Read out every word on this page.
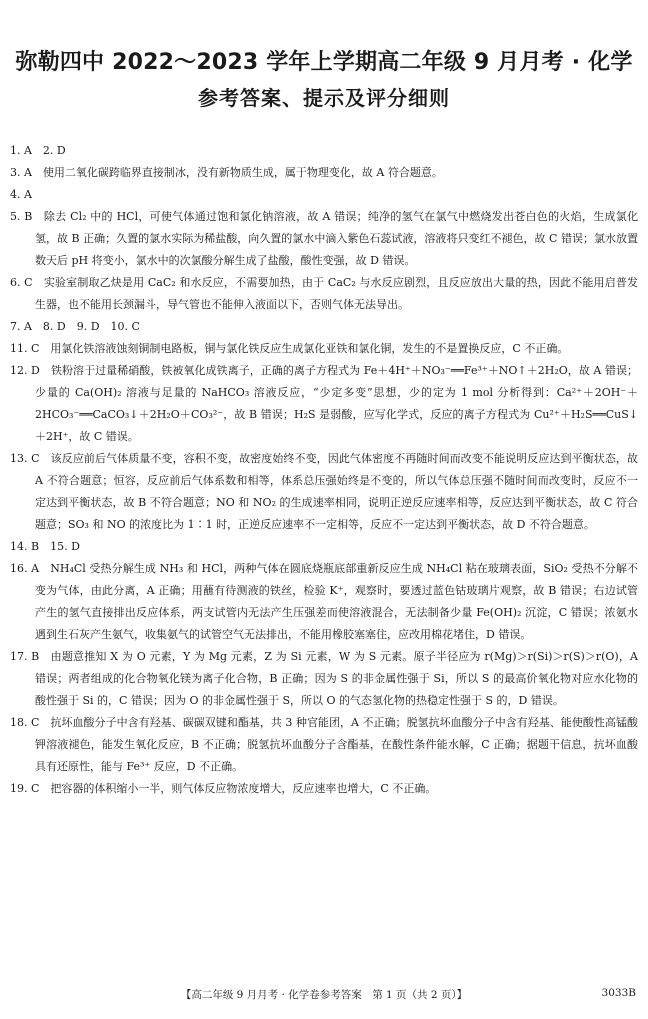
弥勒四中 2022～2023 学年上学期高二年级 9 月月考 · 化学
参考答案、提示及评分细则

1. A　2. D

3. A　使用二氧化碳跨临界直接制冰，没有新物质生成，属于物理变化，故 A 符合题意。

4. A

5. B　除去 Cl₂ 中的 HCl，可使气体通过饱和氯化钠溶液，故 A 错误；纯净的氢气在氯气中燃烧发出苍白色的火焰，生成氯化氢，故 B 正确；久置的氯水实际为稀盐酸，向久置的氯水中滴入紫色石蕊试液，溶液将只变红不褪色，故 C 错误；氯水放置数天后 pH 将变小，氯水中的次氯酸分解生成了盐酸，酸性变强，故 D 错误。

6. C　实验室制取乙炔是用 CaC₂ 和水反应，不需要加热，由于 CaC₂ 与水反应剧烈，且反应放出大量的热，因此不能用启普发生器，也不能用长颈漏斗，导气管也不能伸入液面以下，否则气体无法导出。

7. A　8. D　9. D　10. C

11. C　用氯化铁溶液蚀刻铜制电路板，铜与氯化铁反应生成氯化亚铁和氯化铜，发生的不是置换反应，C 不正确。

12. D　铁粉溶于过量稀硝酸，铁被氧化成铁离子，正确的离子方程式为 Fe＋4H⁺＋NO₃⁻══Fe³⁺＋NO↑＋2H₂O，故 A 错误；少量的 Ca(OH)₂ 溶液与足量的 NaHCO₃ 溶液反应，“少定多变”思想，少的定为 1 mol 分析得到：Ca²⁺＋2OH⁻＋2HCO₃⁻══CaCO₃↓＋2H₂O＋CO₃²⁻，故 B 错误；H₂S 是弱酸，应写化学式，反应的离子方程式为 Cu²⁺＋H₂S══CuS↓＋2H⁺，故 C 错误。

13. C　该反应前后气体质量不变，容积不变，故密度始终不变，因此气体密度不再随时间而改变不能说明反应达到平衡状态，故 A 不符合题意；恒容，反应前后气体系数和相等，体系总压强始终是不变的，所以气体总压强不随时间而改变时，反应不一定达到平衡状态，故 B 不符合题意；NO 和 NO₂ 的生成速率相同，说明正逆反应速率相等，反应达到平衡状态，故 C 符合题意；SO₃ 和 NO 的浓度比为 1∶1 时，正逆反应速率不一定相等，反应不一定达到平衡状态，故 D 不符合题意。

14. B　15. D

16. A　NH₄Cl 受热分解生成 NH₃ 和 HCl，两种气体在圆底烧瓶底部重新反应生成 NH₄Cl 粘在玻璃表面，SiO₂ 受热不分解不变为气体，由此分离，A 正确；用蘸有待测液的铁丝，检验 K⁺，观察时，要透过蓝色钴玻璃片观察，故 B 错误；右边试管产生的氢气直接排出反应体系，两支试管内无法产生压强差而使溶液混合，无法制备少量 Fe(OH)₂ 沉淀，C 错误；浓氨水遇到生石灰产生氨气，收集氨气的试管空气无法排出，不能用橡胶塞塞住，应改用棉花堵住，D 错误。

17. B　由题意推知 X 为 O 元素，Y 为 Mg 元素，Z 为 Si 元素，W 为 S 元素。原子半径应为 r(Mg)＞r(Si)＞r(S)＞r(O)，A 错误；两者组成的化合物氧化镁为离子化合物，B 正确；因为 S 的非金属性强于 Si，所以 S 的最高价氧化物对应水化物的酸性强于 Si 的，C 错误；因为 O 的非金属性强于 S，所以 O 的气态氢化物的热稳定性强于 S 的，D 错误。

18. C　抗坏血酸分子中含有羟基、碳碳双键和酯基，共 3 种官能团，A 不正确；脱氢抗坏血酸分子中含有羟基、能使酸性高锰酸钾溶液褪色，能发生氧化反应，B 不正确；脱氢抗坏血酸分子含酯基，在酸性条件能水解，C 正确；据题干信息，抗坏血酸具有还原性，能与 Fe³⁺ 反应，D 不正确。

19. C　把容器的体积缩小一半，则气体反应物浓度增大，反应速率也增大，C 不正确。

【高二年级 9 月月考 · 化学卷参考答案　第 1 页（共 2 页）】	3033B
